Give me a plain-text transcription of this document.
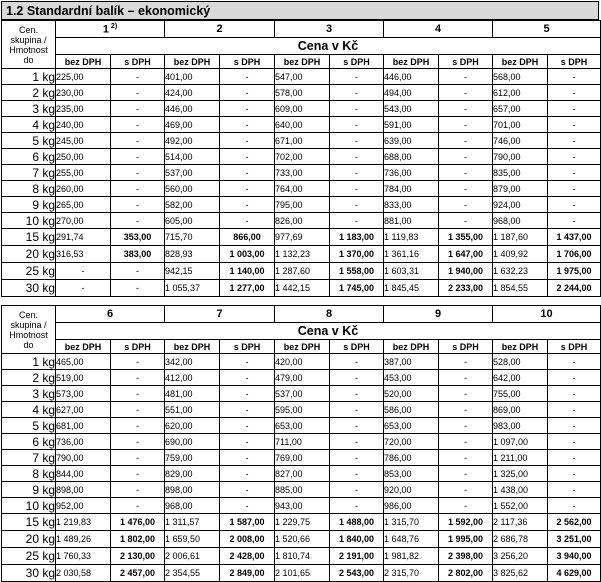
1.2 Standardní balík – ekonomický
Cen.
skupina /
Hmotnost
do	1 $^{2)}$		2		3		4		5	
	Cena v Kč									
	bez DPH	s DPH	bez DPH	s DPH	bez DPH	s DPH	bez DPH	s DPH	bez DPH	s DPH
1 kg	225,00	-	401,00	-	547,00	-	446,00	-	568,00	-
2 kg	230,00	-	424,00	-	578,00	-	494,00	-	612,00	-
3 kg	235,00	-	446,00	-	609,00	-	543,00	-	657,00	-
4 kg	240,00	-	469,00	-	640,00	-	591,00	-	701,00	-
5 kg	245,00	-	492,00	-	671,00	-	639,00	-	746,00	-
6 kg	250,00	-	514,00	-	702,00	-	688,00	-	790,00	-
7 kg	255,00	-	537,00	-	733,00	-	736,00	-	835,00	-
8 kg	260,00	-	560,00	-	764,00	-	784,00	-	879,00	-
9 kg	265,00	-	582,00	-	795,00	-	833,00	-	924,00	-
10 kg	270,00	-	605,00	-	826,00	-	881,00	-	968,00	-
15 kg	291,74	353,00	715,70	866,00	977,69	1 183,00	1 119,83	1 355,00	1 187,60	1 437,00
20 kg	316,53	383,00	828,93	1 003,00	1 132,23	1 370,00	1 361,16	1 647,00	1 409,92	1 706,00
25 kg	-	-	942,15	1 140,00	1 287,60	1 558,00	1 603,31	1 940,00	1 632,23	1 975,00
30 kg	-	-	1 055,37	1 277,00	1 442,15	1 745,00	1 845,45	2 233,00	1 854,55	2 244,00
Cen.
skupina /
Hmotnost
do	6		7		8		9		10	
	Cena v Kč									
	bez DPH	s DPH	bez DPH	s DPH	bez DPH	s DPH	bez DPH	s DPH	bez DPH	s DPH
1 kg	465,00	-	342,00	-	420,00	-	387,00	-	528,00	-
2 kg	519,00	-	412,00	-	479,00	-	453,00	-	642,00	-
3 kg	573,00	-	481,00	-	537,00	-	520,00	-	755,00	-
4 kg	627,00	-	551,00	-	595,00	-	586,00	-	869,00	-
5 kg	681,00	-	620,00	-	653,00	-	653,00	-	983,00	-
6 kg	736,00	-	690,00	-	711,00	-	720,00	-	1 097,00	-
7 kg	790,00	-	759,00	-	769,00	-	786,00	-	1 211,00	-
8 kg	844,00	-	829,00	-	827,00	-	853,00	-	1 325,00	-
9 kg	898,00	-	898,00	-	885,00	-	920,00	-	1 438,00	-
10 kg	952,00	-	968,00	-	943,00	-	986,00	-	1 552,00	-
15 kg	1 219,83	1 476,00	1 311,57	1 587,00	1 229,75	1 488,00	1 315,70	1 592,00	2 117,36	2 562,00
20 kg	1 489,26	1 802,00	1 659,50	2 008,00	1 520,66	1 840,00	1 648,76	1 995,00	2 686,78	3 251,00
25 kg	1 760,33	2 130,00	2 006,61	2 428,00	1 810,74	2 191,00	1 981,82	2 398,00	3 256,20	3 940,00
30 kg	2 030,58	2 457,00	2 354,55	2 849,00	2 101,65	2 543,00	2 315,70	2 802,00	3 825,62	4 629,00
